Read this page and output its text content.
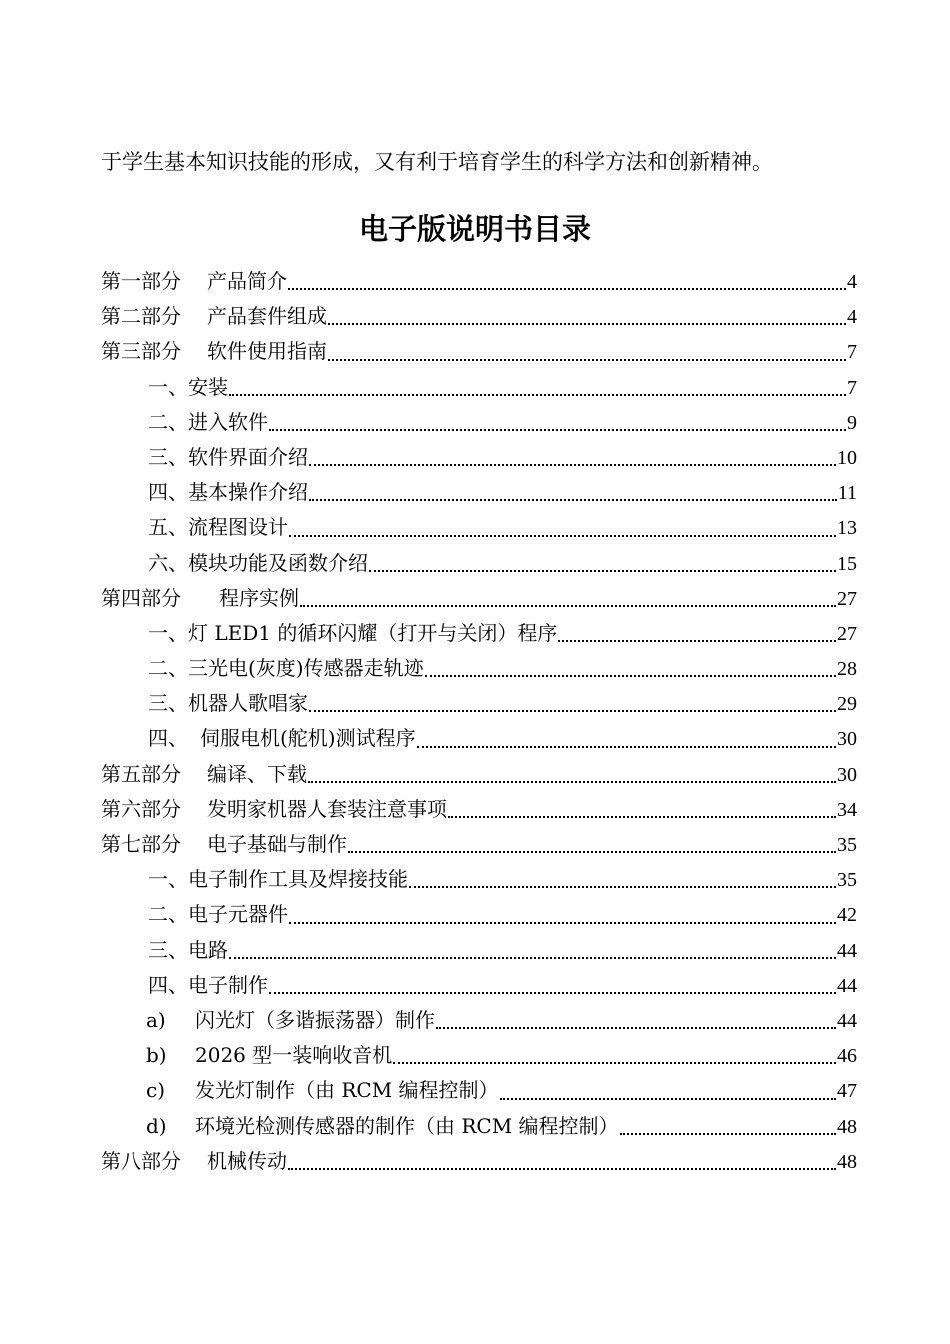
于学生基本知识技能的形成，又有利于培育学生的科学方法和创新精神。
电子版说明书目录
第一部分 产品简介	4
第二部分 产品套件组成	4
第三部分 软件使用指南	7
一、 安装	7
二、 进入软件	9
三、 软件界面介绍	10
四、 基本操作介绍	11
五、 流程图设计	13
六、 模块功能及函数介绍	15
第四部分 程序实例	27
一、 灯 LED1 的循环闪耀（打开与关闭）程序	27
二、 三光电(灰度)传感器走轨迹	28
三、 机器人歌唱家	29
四、 伺服电机(舵机)测试程序	30
第五部分 编译、下载	30
第六部分 发明家机器人套装注意事项	34
第七部分 电子基础与制作	35
一、 电子制作工具及焊接技能	35
二、 电子元器件	42
三、 电路	44
四、 电子制作	44
a)	闪光灯（多谐振荡器）制作	44
b)	2026 型一装响收音机	46
c)	发光灯制作（由 RCM 编程控制）	47
d)	环境光检测传感器的制作（由 RCM 编程控制）	48
第八部分 机械传动	48
